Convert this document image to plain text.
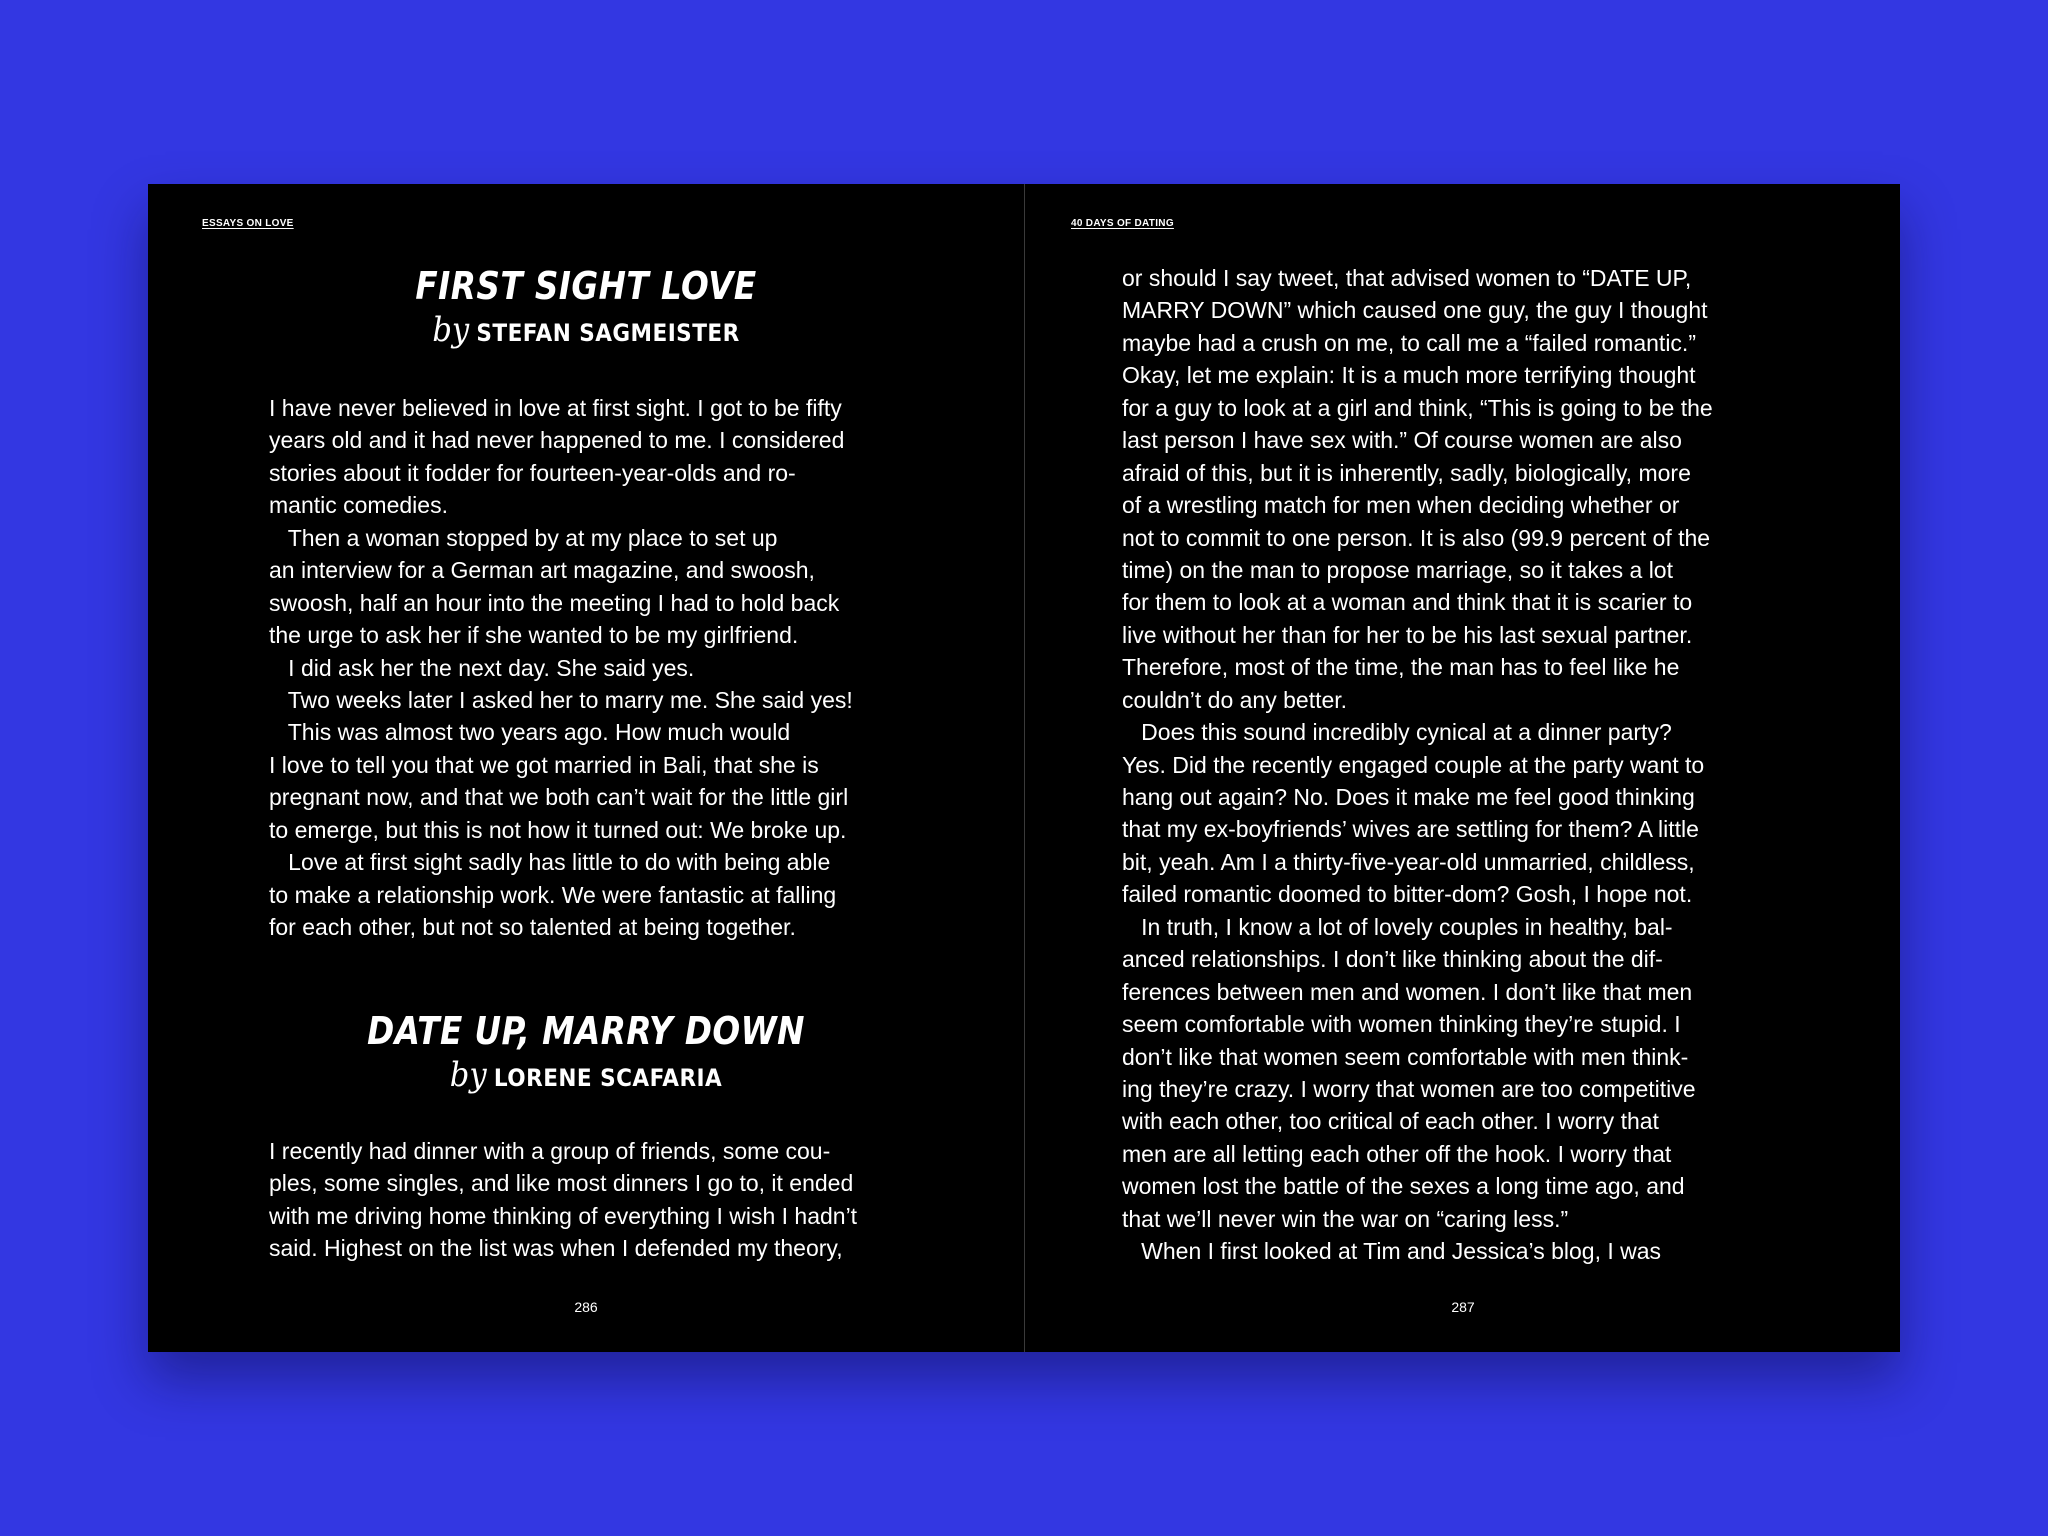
ESSAYS ON LOVE
FIRST SIGHT LOVE
by STEFAN SAGMEISTER
I have never believed in love at first sight. I got to be fifty
years old and it had never happened to me. I considered
stories about it fodder for fourteen-year-olds and ro-
mantic comedies.
Then a woman stopped by at my place to set up
an interview for a German art magazine, and swoosh,
swoosh, half an hour into the meeting I had to hold back
the urge to ask her if she wanted to be my girlfriend.
I did ask her the next day. She said yes.
Two weeks later I asked her to marry me. She said yes!
This was almost two years ago. How much would
I love to tell you that we got married in Bali, that she is
pregnant now, and that we both can’t wait for the little girl
to emerge, but this is not how it turned out: We broke up.
Love at first sight sadly has little to do with being able
to make a relationship work. We were fantastic at falling
for each other, but not so talented at being together.
DATE UP, MARRY DOWN
by LORENE SCAFARIA
I recently had dinner with a group of friends, some cou-
ples, some singles, and like most dinners I go to, it ended
with me driving home thinking of everything I wish I hadn’t
said. Highest on the list was when I defended my theory,
286
40 DAYS OF DATING
or should I say tweet, that advised women to “DATE UP,
MARRY DOWN” which caused one guy, the guy I thought
maybe had a crush on me, to call me a “failed romantic.”
Okay, let me explain: It is a much more terrifying thought
for a guy to look at a girl and think, “This is going to be the
last person I have sex with.” Of course women are also
afraid of this, but it is inherently, sadly, biologically, more
of a wrestling match for men when deciding whether or
not to commit to one person. It is also (99.9 percent of the
time) on the man to propose marriage, so it takes a lot
for them to look at a woman and think that it is scarier to
live without her than for her to be his last sexual partner.
Therefore, most of the time, the man has to feel like he
couldn’t do any better.
Does this sound incredibly cynical at a dinner party?
Yes. Did the recently engaged couple at the party want to
hang out again? No. Does it make me feel good thinking
that my ex-boyfriends’ wives are settling for them? A little
bit, yeah. Am I a thirty-five-year-old unmarried, childless,
failed romantic doomed to bitter-dom? Gosh, I hope not.
In truth, I know a lot of lovely couples in healthy, bal-
anced relationships. I don’t like thinking about the dif-
ferences between men and women. I don’t like that men
seem comfortable with women thinking they’re stupid. I
don’t like that women seem comfortable with men think-
ing they’re crazy. I worry that women are too competitive
with each other, too critical of each other. I worry that
men are all letting each other off the hook. I worry that
women lost the battle of the sexes a long time ago, and
that we’ll never win the war on “caring less.”
When I first looked at Tim and Jessica’s blog, I was
287
